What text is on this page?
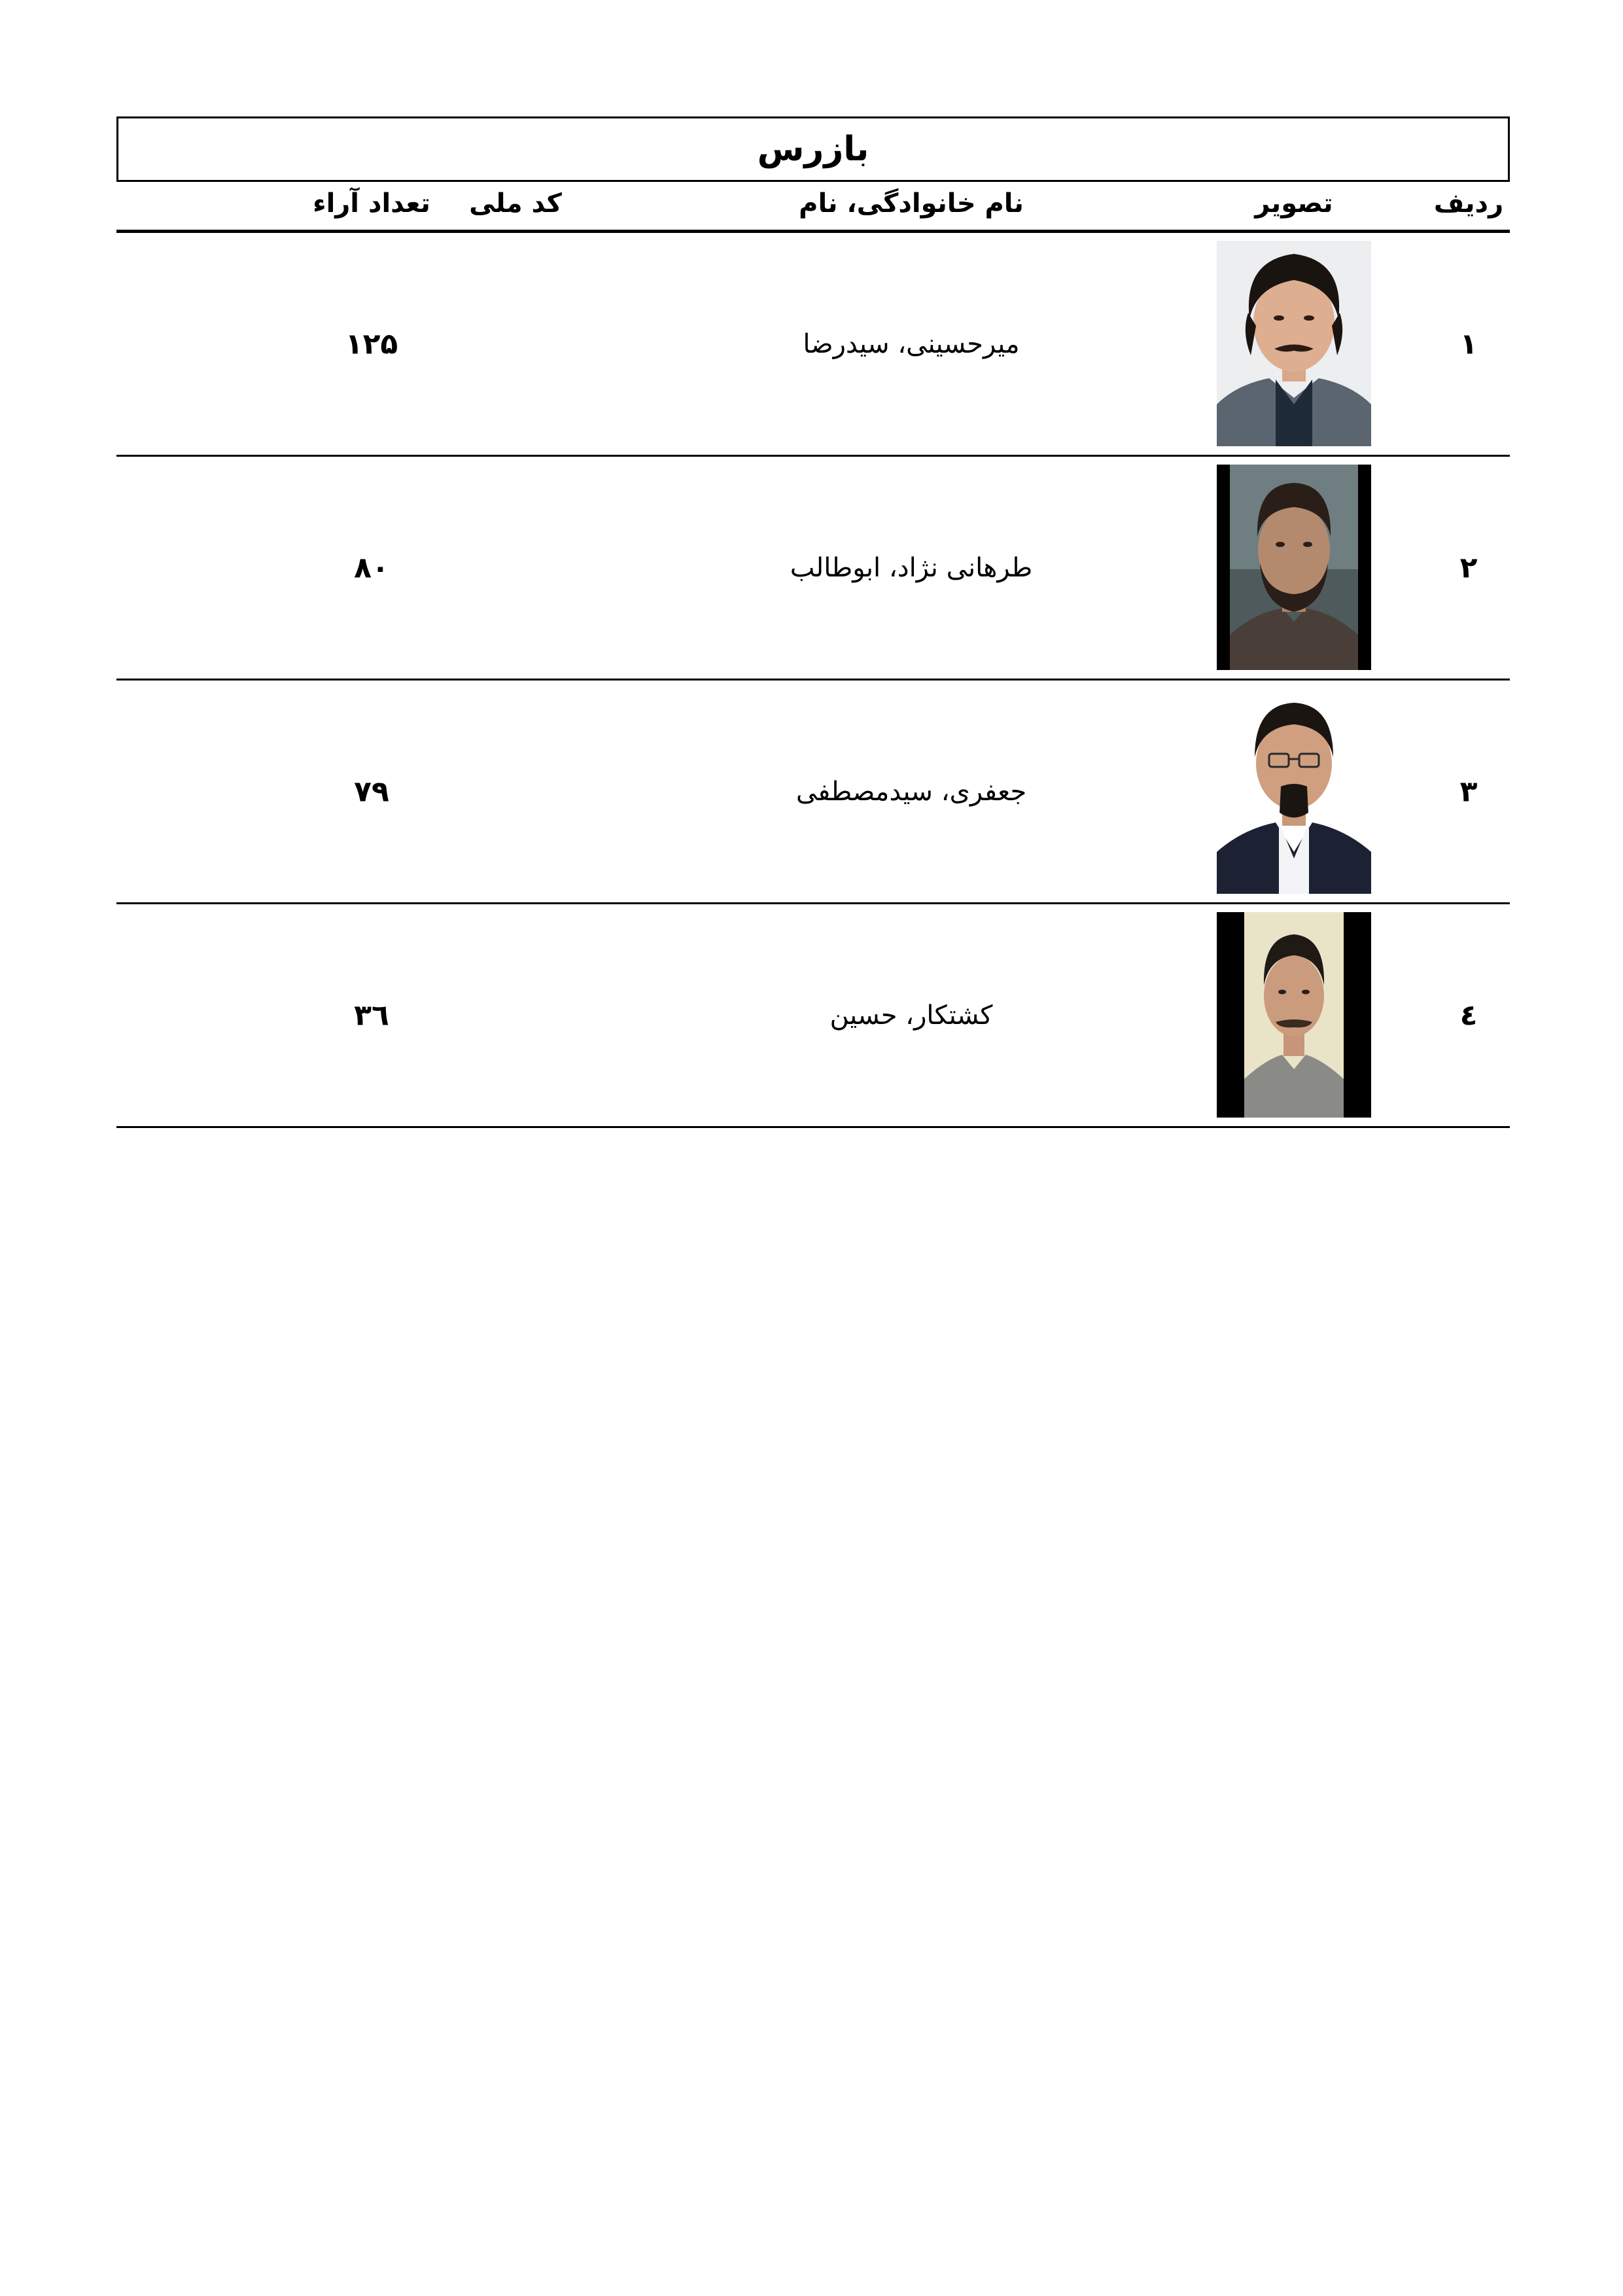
بازرس
ردیف
تصویر
نام خانوادگی، نام
کد ملی
تعداد آراء
۱
میرحسینی، سیدرضا
۱۲۵
۲
طرهانی نژاد، ابوطالب
۸۰
۳
جعفری، سیدمصطفی
۷۹
٤
کشتکار، حسین
۳٦
